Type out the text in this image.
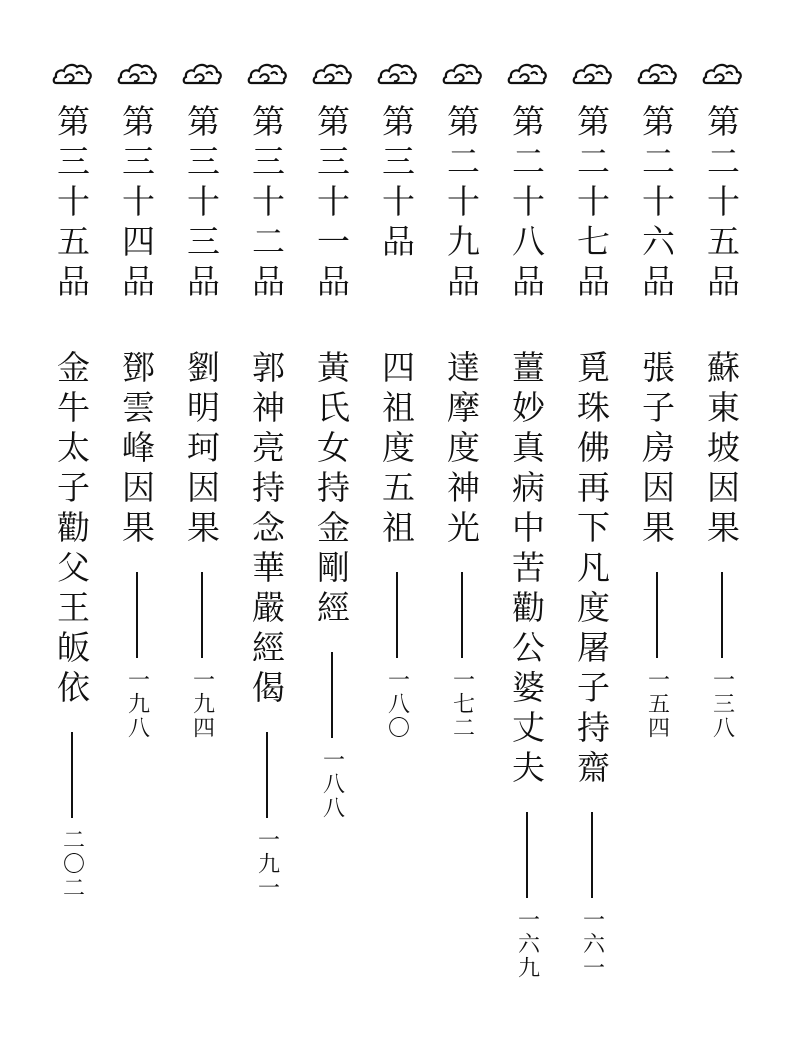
第二十五品
蘇東坡因果
一三八
第二十六品
張子房因果
一五四
第二十七品
覓珠佛再下凡度屠子持齋
一六一
第二十八品
薑妙真病中苦勸公婆丈夫
一六九
第二十九品
達摩度神光
一七二
第三十品
四祖度五祖
一八〇
第三十一品
黃氏女持金剛經
一八八
第三十二品
郭神亮持念華嚴經偈
一九一
第三十三品
劉明珂因果
一九四
第三十四品
鄧雲峰因果
一九八
第三十五品
金牛太子勸父王皈依
二〇二
